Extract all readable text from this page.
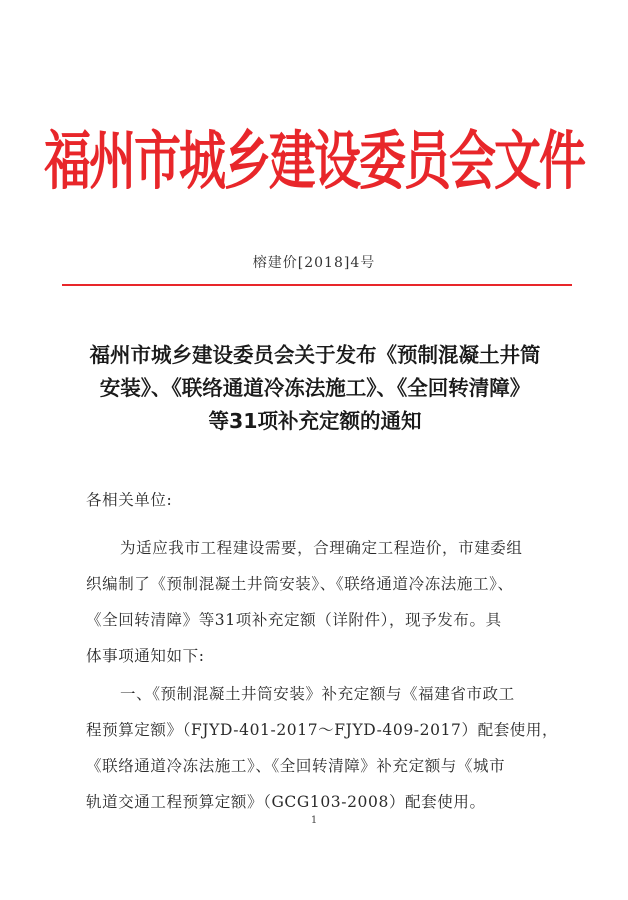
福州市城乡建设委员会文件
榕建价[2018]4号
福州市城乡建设委员会关于发布《预制混凝土井筒
安装》、《联络通道冷冻法施工》、《全回转清障》
等31项补充定额的通知
各相关单位:
为适应我市工程建设需要，合理确定工程造价，市建委组
织编制了《预制混凝土井筒安装》、《联络通道冷冻法施工》、
《全回转清障》等31项补充定额（详附件），现予发布。具
体事项通知如下:
一、《预制混凝土井筒安装》补充定额与《福建省市政工
程预算定额》（FJYD-401-2017～FJYD-409-2017）配套使用，
《联络通道冷冻法施工》、《全回转清障》补充定额与《城市
轨道交通工程预算定额》（GCG103-2008）配套使用。
1
